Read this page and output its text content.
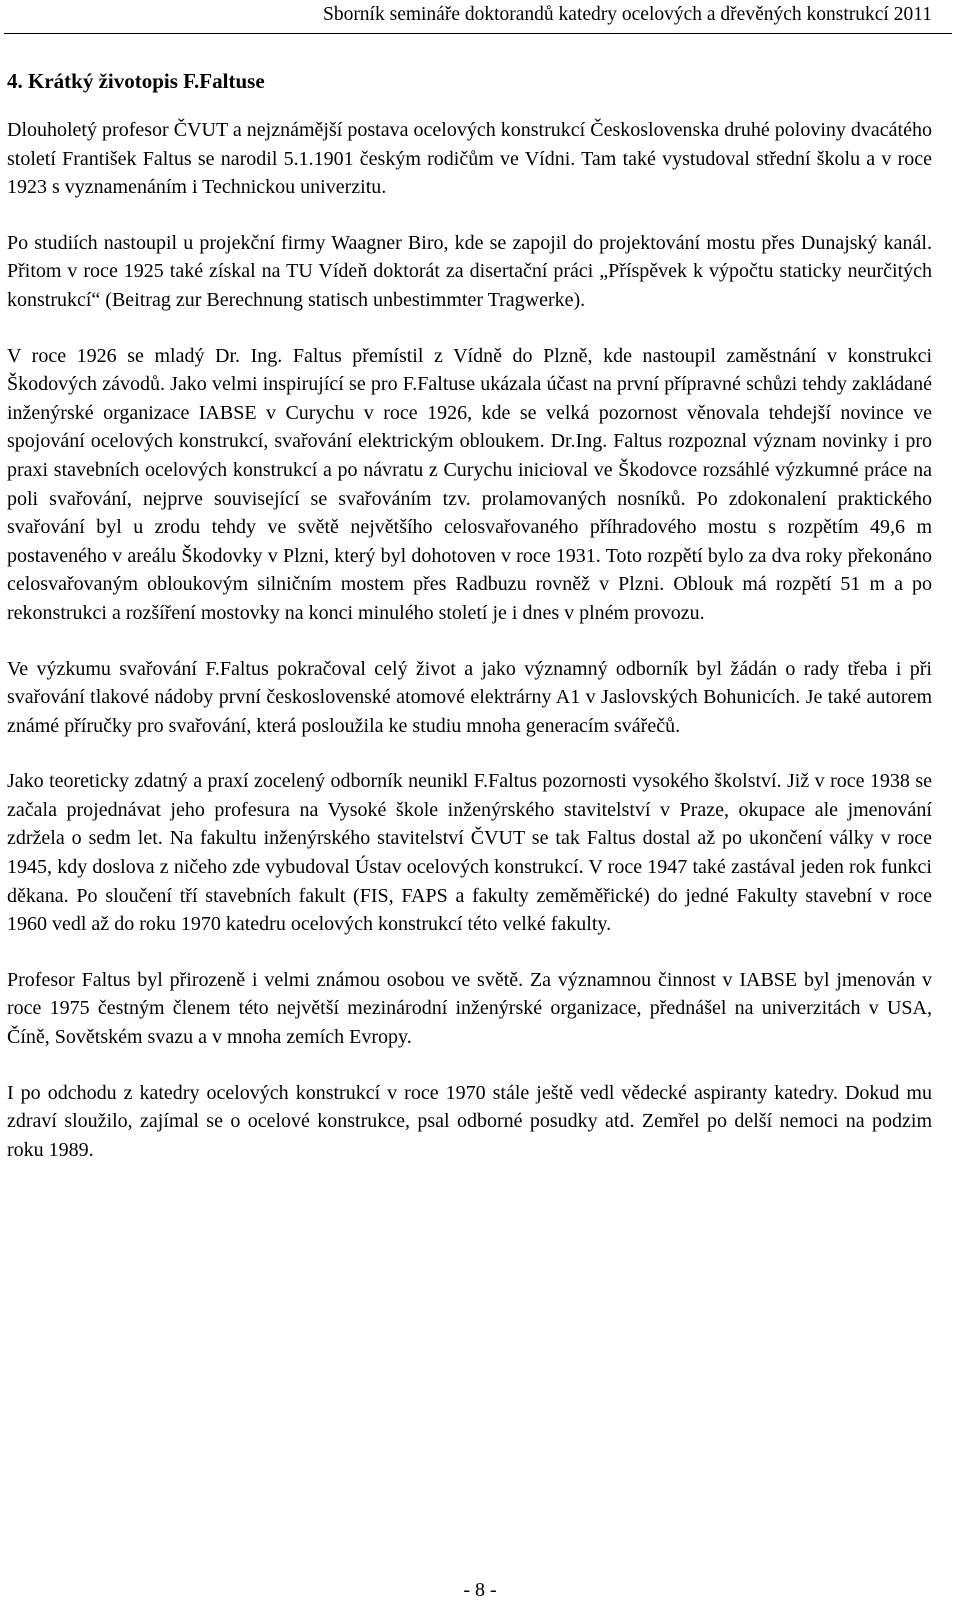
Sborník semináře doktorandů katedry ocelových a dřevěných konstrukcí 2011
4. Krátký životopis F.Faltuse

Dlouholetý profesor ČVUT a nejznámější postava ocelových konstrukcí Československa druhé poloviny dvacátého století František Faltus se narodil 5.1.1901 českým rodičům ve Vídni. Tam také vystudoval střední školu a v roce 1923 s vyznamenáním i Technickou univerzitu.

Po studiích nastoupil u projekční firmy Waagner Biro, kde se zapojil do projektování mostu přes Dunajský kanál. Přitom v roce 1925 také získal na TU Vídeň doktorát za disertační práci „Příspěvek k výpočtu staticky neurčitých konstrukcí“ (Beitrag zur Berechnung statisch unbestimmter Tragwerke).

V roce 1926 se mladý Dr. Ing. Faltus přemístil z Vídně do Plzně, kde nastoupil zaměstnání v konstrukci Škodových závodů. Jako velmi inspirující se pro F.Faltuse ukázala účast na první přípravné schůzi tehdy zakládané inženýrské organizace IABSE v Curychu v roce 1926, kde se velká pozornost věnovala tehdejší novince ve spojování ocelových konstrukcí, svařování elektrickým obloukem. Dr.Ing. Faltus rozpoznal význam novinky i pro praxi stavebních ocelových konstrukcí a po návratu z Curychu inicioval ve Škodovce rozsáhlé výzkumné práce na poli svařování, nejprve související se svařováním tzv. prolamovaných nosníků. Po zdokonalení praktického svařování byl u zrodu tehdy ve světě největšího celosvařovaného příhradového mostu s rozpětím 49,6 m postaveného v areálu Škodovky v Plzni, který byl dohotoven v roce 1931. Toto rozpětí bylo za dva roky překonáno celosvařovaným obloukovým silničním mostem přes Radbuzu rovněž v Plzni. Oblouk má rozpětí 51 m a po rekonstrukci a rozšíření mostovky na konci minulého století je i dnes v plném provozu.

Ve výzkumu svařování F.Faltus pokračoval celý život a jako významný odborník byl žádán o rady třeba i při svařování tlakové nádoby první československé atomové elektrárny A1 v Jaslovských Bohunicích. Je také autorem známé příručky pro svařování, která posloužila ke studiu mnoha generacím svářečů.

Jako teoreticky zdatný a praxí zocelený odborník neunikl F.Faltus pozornosti vysokého školství. Již v roce 1938 se začala projednávat jeho profesura na Vysoké škole inženýrského stavitelství v Praze, okupace ale jmenování zdržela o sedm let. Na fakultu inženýrského stavitelství ČVUT se tak Faltus dostal až po ukončení války v roce 1945, kdy doslova z ničeho zde vybudoval Ústav ocelových konstrukcí. V roce 1947 také zastával jeden rok funkci děkana. Po sloučení tří stavebních fakult (FIS, FAPS a fakulty zeměměřické) do jedné Fakulty stavební v roce 1960 vedl až do roku 1970 katedru ocelových konstrukcí této velké fakulty.

Profesor Faltus byl přirozeně i velmi známou osobou ve světě. Za významnou činnost v IABSE byl jmenován v roce 1975 čestným členem této největší mezinárodní inženýrské organizace, přednášel na univerzitách v USA, Číně, Sovětském svazu a v mnoha zemích Evropy.

I po odchodu z katedry ocelových konstrukcí v roce 1970 stále ještě vedl vědecké aspiranty katedry. Dokud mu zdraví sloužilo, zajímal se o ocelové konstrukce, psal odborné posudky atd. Zemřel po delší nemoci na podzim roku 1989.

- 8 -
